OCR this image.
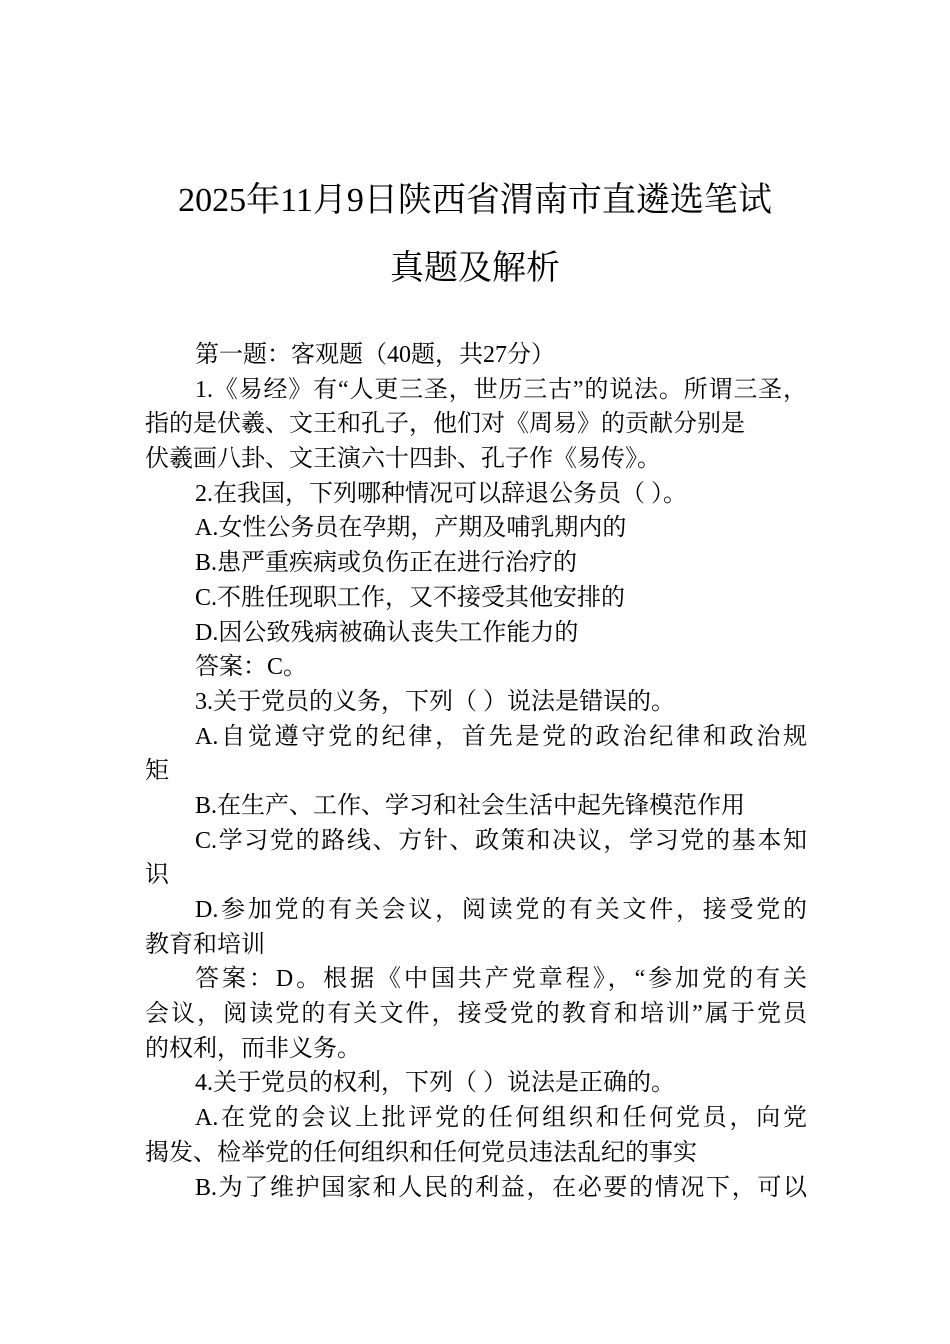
2025年11月9日陕西省渭南市直遴选笔试
真题及解析
第一题：客观题（40题，共27分）
1.《易经》有“人更三圣，世历三古”的说法。所谓三圣，
指的是伏羲、文王和孔子，他们对《周易》的贡献分别是
伏羲画八卦、文王演六十四卦、孔子作《易传》。
2.在我国，下列哪种情况可以辞退公务员（ ）。
A.女性公务员在孕期，产期及哺乳期内的
B.患严重疾病或负伤正在进行治疗的
C.不胜任现职工作，又不接受其他安排的
D.因公致残病被确认丧失工作能力的
答案：C。
3.关于党员的义务，下列（ ）说法是错误的。
A.自觉遵守党的纪律，首先是党的政治纪律和政治规
矩
B.在生产、工作、学习和社会生活中起先锋模范作用
C.学习党的路线、方针、政策和决议，学习党的基本知
识
D.参加党的有关会议，阅读党的有关文件，接受党的
教育和培训
答案：D。根据《中国共产党章程》，“参加党的有关
会议，阅读党的有关文件，接受党的教育和培训”属于党员
的权利，而非义务。
4.关于党员的权利，下列（ ）说法是正确的。
A.在党的会议上批评党的任何组织和任何党员，向党
揭发、检举党的任何组织和任何党员违法乱纪的事实
B.为了维护国家和人民的利益，在必要的情况下，可以
